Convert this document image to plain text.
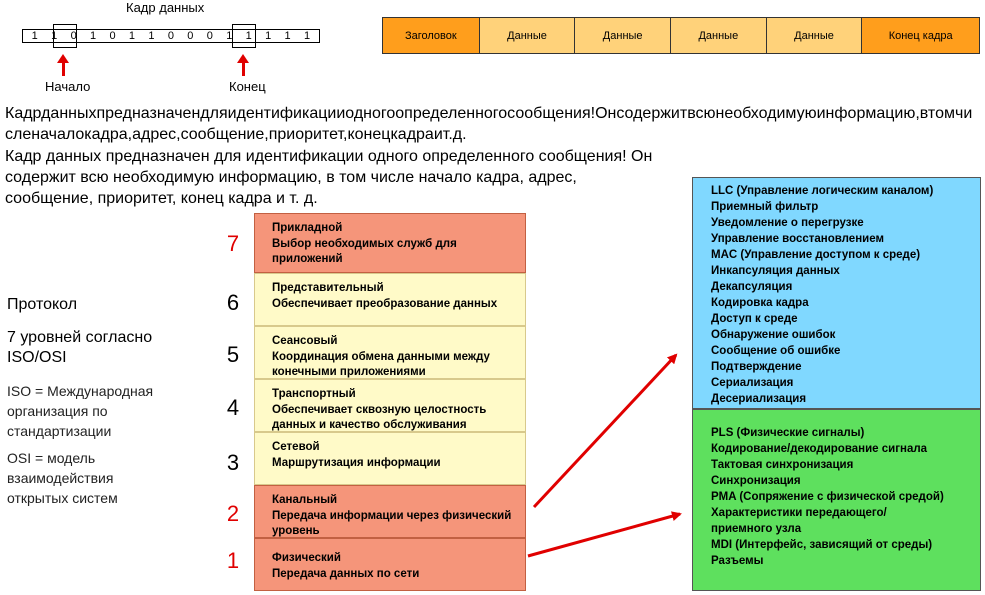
Кадр данных
1	1	0	1	0	1	1	0	0	0	1	1	1	1	1
Начало	Конец
Заголовок	Данные	Данные	Данные	Данные	Конец кадра
Кадрданныхпредназначендляидентификацииодногоопределенногосообщения!Онсодержитвсюнеобходимуюинформацию,втомчисленачалокадра,адрес,сообщение,приоритет,конецкадраит.д.
Кадр данных предназначен для идентификации одного определенного сообщения! Он содержит всю необходимую информацию, в том числе начало кадра, адрес, сообщение, приоритет, конец кадра и т. д.
Протокол
7 уровней согласно ISO/OSI
ISO = Международная организация по стандартизации
OSI = модель взаимодействия открытых систем
7
6
5
4
3
2
1
Прикладной
Выбор необходимых служб для приложений
Представительный
Обеспечивает преобразование данных
Сеансовый
Координация обмена данными между конечными приложениями
Транспортный
Обеспечивает сквозную целостность данных и качество обслуживания
Сетевой
Маршрутизация информации
Канальный
Передача информации через физический уровень
Физический
Передача данных по сети
LLC (Управление логическим каналом)
Приемный фильтр
Уведомление о перегрузке
Управление восстановлением
MAC (Управление доступом к среде)
Инкапсуляция данных
Декапсуляция
Кодировка кадра
Доступ к среде
Обнаружение ошибок
Сообщение об ошибке
Подтверждение
Сериализация
Десериализация
PLS (Физические сигналы)
Кодирование/декодирование сигнала
Тактовая синхронизация
Синхронизация
PMA (Сопряжение с физической средой)
Характеристики передающего/
приемного узла
MDI (Интерфейс, зависящий от среды)
Разъемы
